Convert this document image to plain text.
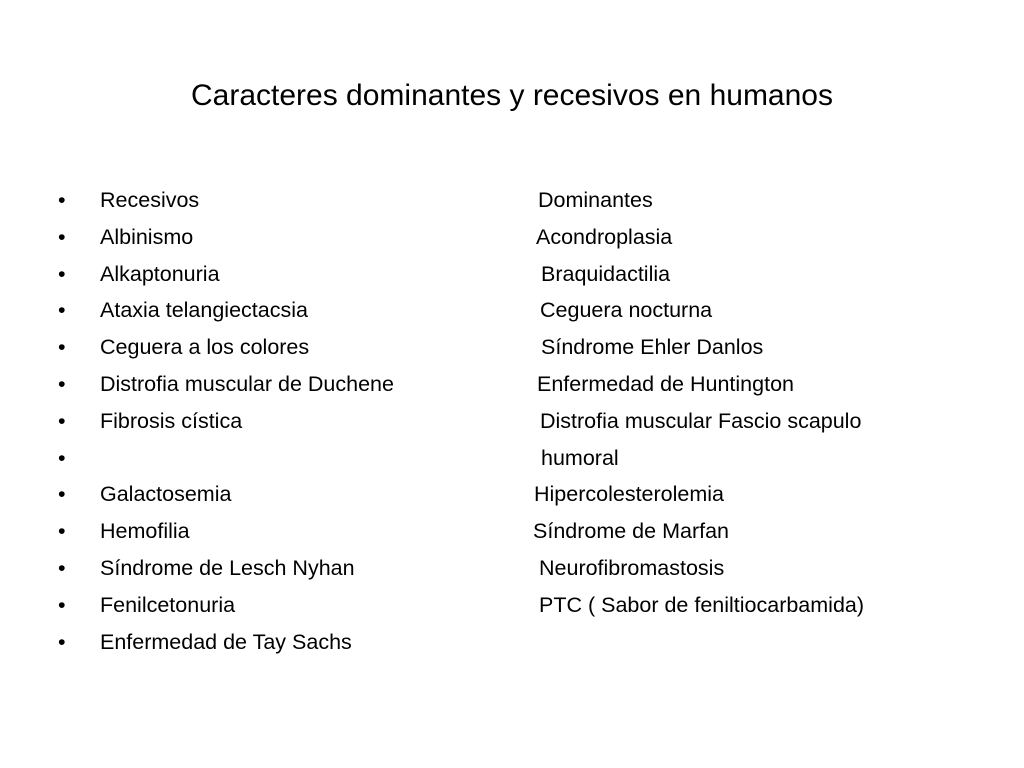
Caracteres dominantes y recesivos en humanos
• Recesivos	Dominantes
• Albinismo	Acondroplasia
• Alkaptonuria	Braquidactilia
• Ataxia telangiectacsia	Ceguera nocturna
• Ceguera a los colores	Síndrome Ehler Danlos
• Distrofia muscular de Duchene	Enfermedad de Huntington
• Fibrosis cística	Distrofia muscular Fascio scapulo
•	humoral
• Galactosemia	Hipercolesterolemia
• Hemofilia	Síndrome de Marfan
• Síndrome de Lesch Nyhan	Neurofibromastosis
• Fenilcetonuria	PTC ( Sabor de feniltiocarbamida)
• Enfermedad de Tay Sachs
